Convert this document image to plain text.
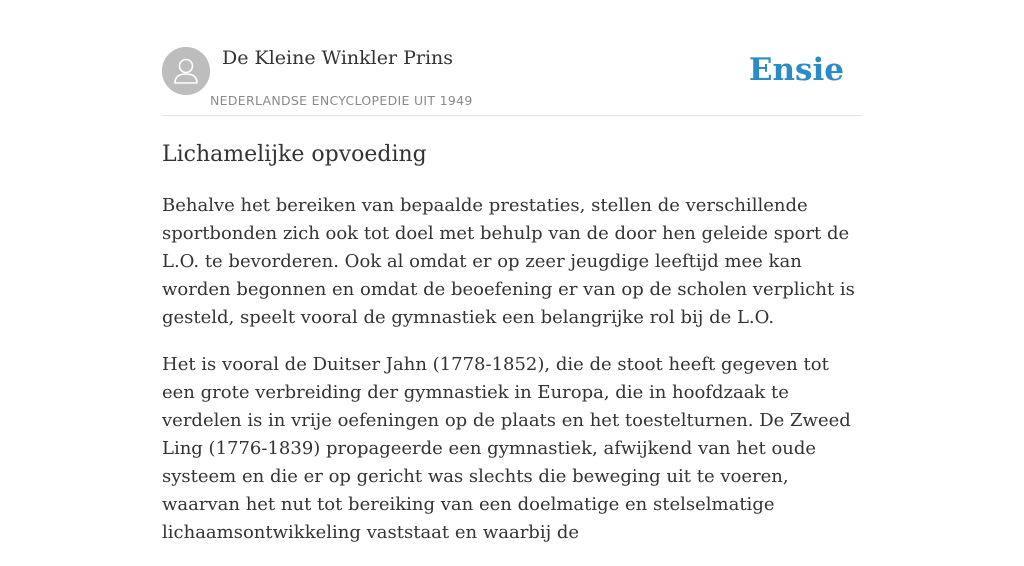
De Kleine Winkler Prins
NEDERLANDSE ENCYCLOPEDIE UIT 1949
Ensie
Lichamelijke opvoeding

Behalve het bereiken van bepaalde prestaties, stellen de verschillende sportbonden zich ook tot doel met behulp van de door hen geleide sport de L.O. te bevorderen. Ook al omdat er op zeer jeugdige leeftijd mee kan worden begonnen en omdat de beoefening er van op de scholen verplicht is gesteld, speelt vooral de gymnastiek een belangrijke rol bij de L.O.

Het is vooral de Duitser Jahn (1778-1852), die de stoot heeft gegeven tot een grote verbreiding der gymnastiek in Europa, die in hoofdzaak te verdelen is in vrije oefeningen op de plaats en het toestelturnen. De Zweed Ling (1776-1839) propageerde een gymnastiek, afwijkend van het oude systeem en die er op gericht was slechts die beweging uit te voeren, waarvan het nut tot bereiking van een doelmatige en stelselmatige lichaamsontwikkeling vaststaat en waarbij de
